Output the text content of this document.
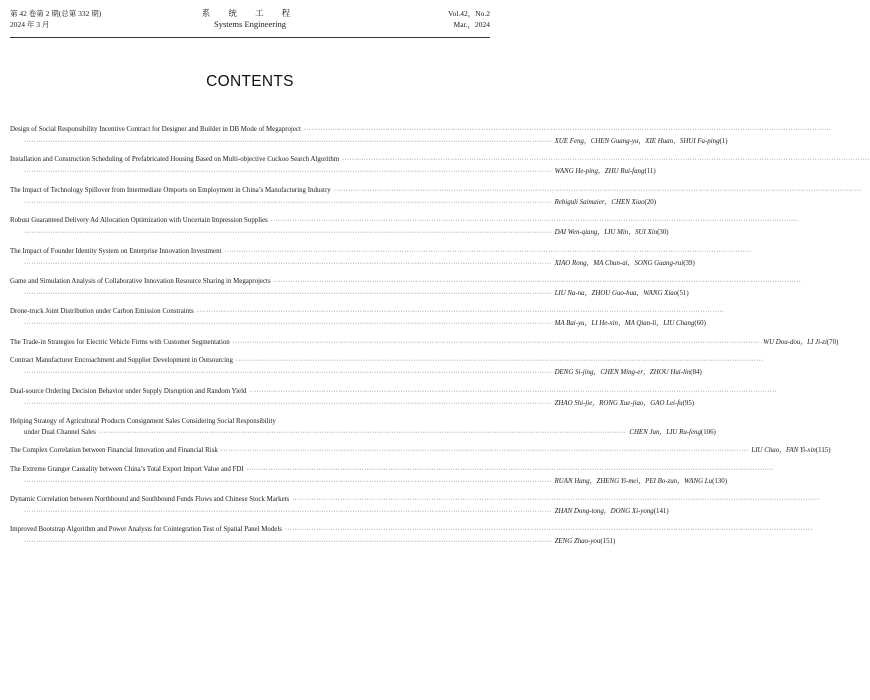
第 42 卷第 2 期(总第 332 期)
2024 年 3 月
系 统 工 程
Systems Engineering
Vol.42，No.2
Mar.，2024
CONTENTS
Design of Social Responsibility Incentive Contract for Designer and Builder in DB Mode of Megaproject ····························································································································································································································
···························································································································································································································· XUE Feng，CHEN Guang-yu，XIE Huan，SHUI Fa-ping (1)
Installation and Construction Scheduling of Prefabricated Housing Based on Multi-objective Cuckoo Search Algorithm ····························································································································································································································
···························································································································································································································· WANG He-ping，ZHU Rui-fang (11)
The Impact of Technology Spillover from Intermediate Omports on Employment in China’s Manufacturing Industry ····························································································································································································································
···························································································································································································································· Rebiguli Saimaier，CHEN Xiao (20)
Robust Guaranteed Delivery Ad Allocation Optimization with Uncertain Impression Supplies ····························································································································································································································
···························································································································································································································· DAI Wen-qiang，LIU Min，SUI Xin (30)
The Impact of Founder Identity System on Enterprise Innovation Investment ····························································································································································································································
···························································································································································································································· XIAO Rong，MA Chun-ai，SONG Guang-rui (39)
Game and Simulation Analysis of Collaborative Innovation Resource Sharing in Megaprojects ····························································································································································································································
···························································································································································································································· LIU Na-na，ZHOU Guo-hua，WANG Xiao (51)
Drone-truck Joint Distribution under Carbon Emission Constraints ····························································································································································································································
···························································································································································································································· MA Bai-yu，LI He-xin，MA Qian-li，LIU Chang (60)
The Trade-in Strategies for Electric Vehicle Firms with Customer Segmentation ···························································································································································································································· WU Dou-dou，LI Ji-zi (70)
Contract Manufacturer Encroachment and Supplier Development in Outsourcing ····························································································································································································································
···························································································································································································································· DENG Si-jing，CHEN Ming-er，ZHOU Hui-lin (84)
Dual-source Ordering Decision Behavior under Supply Disruption and Random Yield ····························································································································································································································
···························································································································································································································· ZHAO Shi-jie，RONG Xue-jiao，GAO Lei-fu (95)
Helping Strategy of Agricultural Products Consignment Sales Considering Social Responsibility
under Dual Channel Sales ···························································································································································································································· CHEN Jun，LIU Ru-feng (106)
The Complex Correlation between Financial Innovation and Financial Risk ···························································································································································································································· LIU Chao，FAN Yi-xin (115)
The Extreme Granger Causality between China’s Total Export Import Value and FDI ····························································································································································································································
···························································································································································································································· RUAN Hang，ZHENG Yi-mei，PEI Bo-zun，WANG Lu (130)
Dynamic Correlation between Northbound and Southbound Funds Flows and Chinese Stock Markets ····························································································································································································································
···························································································································································································································· ZHAN Dong-tong，DONG Xi-yong (141)
Improved Bootstrap Algorithm and Power Analysis for Cointegration Test of Spatial Panel Models ····························································································································································································································
···························································································································································································································· ZENG Zhao-you (151)
